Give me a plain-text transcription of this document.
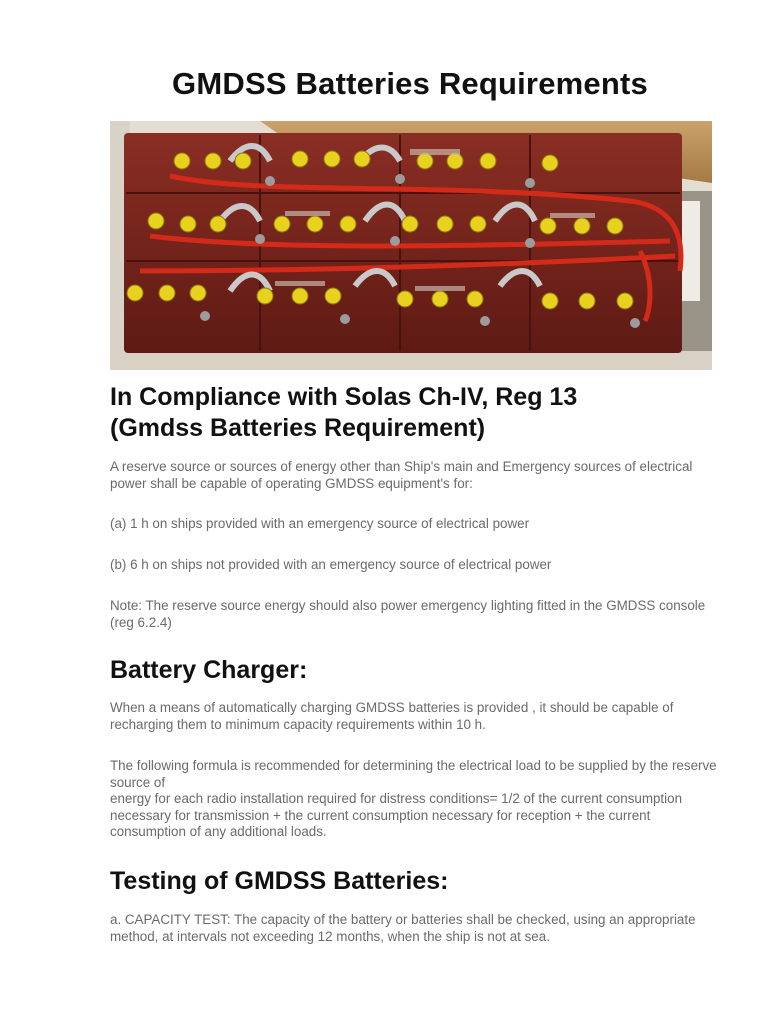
GMDSS Batteries Requirements
In Compliance with Solas Ch-IV, Reg 13
(Gmdss Batteries Requirement)

A reserve source or sources of energy other than Ship's main and Emergency sources of electrical power shall be capable of operating GMDSS equipment's for:

(a) 1 h on ships provided with an emergency source of electrical power

(b) 6 h on ships not provided with an emergency source of electrical power

Note: The reserve source energy should also power emergency lighting fitted in the GMDSS console (reg 6.2.4)

Battery Charger:

When a means of automatically charging GMDSS batteries is provided , it should be capable of recharging them to minimum capacity requirements within 10 h.

The following formula is recommended for determining the electrical load to be supplied by the reserve source of
energy for each radio installation required for distress conditions= 1/2 of the current consumption necessary for transmission + the current consumption necessary for reception + the current consumption of any additional loads.

Testing of GMDSS Batteries:

a. CAPACITY TEST: The capacity of the battery or batteries shall be checked, using an appropriate method, at intervals not exceeding 12 months, when the ship is not at sea.
